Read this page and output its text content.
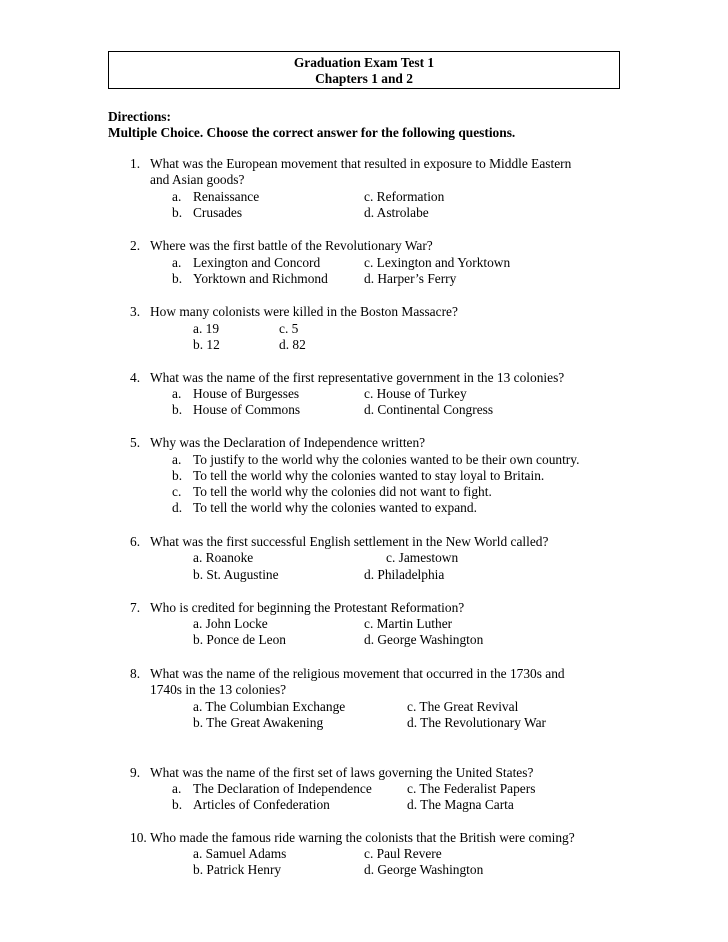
Graduation Exam Test 1
Chapters 1 and 2
Directions:
Multiple Choice. Choose the correct answer for the following questions.
1. What was the European movement that resulted in exposure to Middle Eastern
and Asian goods?
a. Renaissance	c. Reformation
b. Crusades	d. Astrolabe
2. Where was the first battle of the Revolutionary War?
a. Lexington and Concord	c. Lexington and Yorktown
b. Yorktown and Richmond	d. Harper’s Ferry
3. How many colonists were killed in the Boston Massacre?
a. 19	c. 5
b. 12	d. 82
4. What was the name of the first representative government in the 13 colonies?
a. House of Burgesses	c. House of Turkey
b. House of Commons	d. Continental Congress
5. Why was the Declaration of Independence written?
a. To justify to the world why the colonies wanted to be their own country.
b. To tell the world why the colonies wanted to stay loyal to Britain.
c. To tell the world why the colonies did not want to fight.
d. To tell the world why the colonies wanted to expand.
6. What was the first successful English settlement in the New World called?
a. Roanoke	c. Jamestown
b. St. Augustine	d. Philadelphia
7. Who is credited for beginning the Protestant Reformation?
a. John Locke	c. Martin Luther
b. Ponce de Leon	d. George Washington
8. What was the name of the religious movement that occurred in the 1730s and
1740s in the 13 colonies?
a. The Columbian Exchange	c. The Great Revival
b. The Great Awakening	d. The Revolutionary War
9. What was the name of the first set of laws governing the United States?
a. The Declaration of Independence	c. The Federalist Papers
b. Articles of Confederation	d. The Magna Carta
10. Who made the famous ride warning the colonists that the British were coming?
a. Samuel Adams	c. Paul Revere
b. Patrick Henry	d. George Washington
